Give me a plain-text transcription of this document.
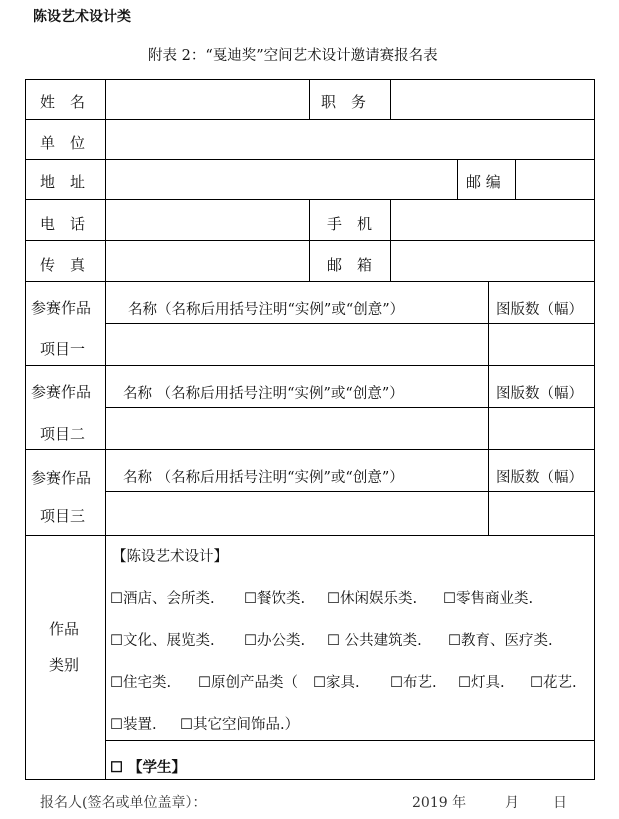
陈设艺术设计类
附表 2：“戛迪奖”空间艺术设计邀请赛报名表
姓　名	职　务
单　位
地　址	邮 编
电　话	手　机
传　真	邮　箱
参赛作品
项目一
名称（名称后用括号注明“实例”或“创意”）	图版数（幅）
参赛作品
项目二
名称 （名称后用括号注明“实例”或“创意”）	图版数（幅）
参赛作品
项目三
名称 （名称后用括号注明“实例”或“创意”）	图版数（幅）
作品
类别
【陈设艺术设计】
☐酒店、会所类. ☐餐饮类. ☐休闲娱乐类. ☐零售商业类.
☐文化、展览类. ☐办公类. ☐ 公共建筑类. ☐教育、医疗类.
☐住宅类. ☐原创产品类（ ☐家具. ☐布艺. ☐灯具. ☐花艺.
☐装置. ☐其它空间饰品.）
☐ 【学生】
报名人(签名或单位盖章）：	2019 年	月 日
